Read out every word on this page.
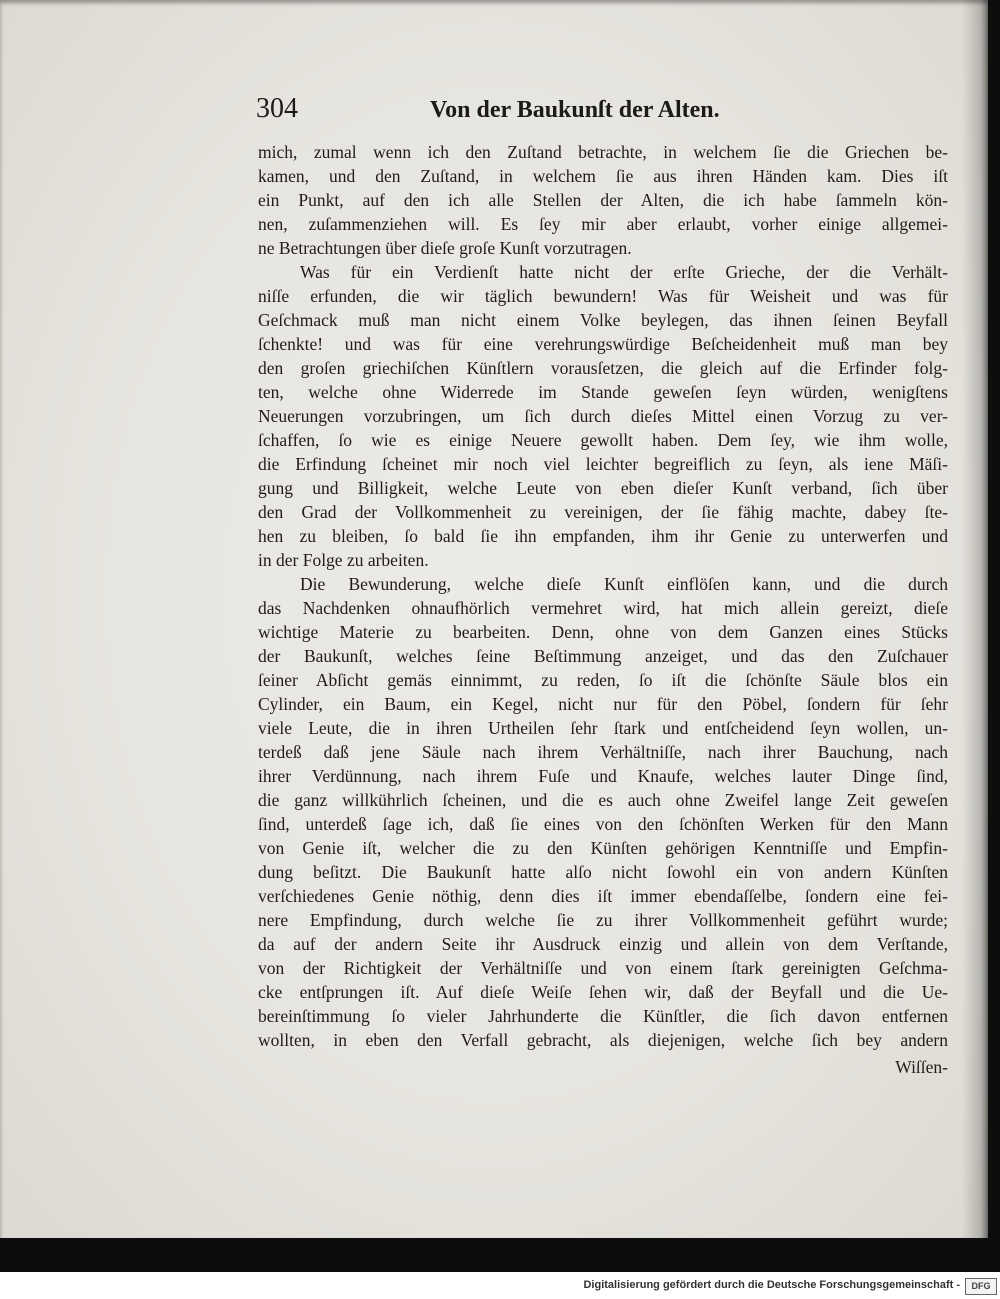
304	Von der Baukunſt der Alten.
mich, zumal wenn ich den Zuſtand betrachte, in welchem ſie die Griechen be-
kamen, und den Zuſtand, in welchem ſie aus ihren Händen kam. Dies iſt
ein Punkt, auf den ich alle Stellen der Alten, die ich habe ſammeln kön-
nen, zuſammenziehen will. Es ſey mir aber erlaubt, vorher einige allgemei-
ne Betrachtungen über dieſe groſe Kunſt vorzutragen.
Was für ein Verdienſt hatte nicht der erſte Grieche, der die Verhält-
niſſe erfunden, die wir täglich bewundern! Was für Weisheit und was für
Geſchmack muß man nicht einem Volke beylegen, das ihnen ſeinen Beyfall
ſchenkte! und was für eine verehrungswürdige Beſcheidenheit muß man bey
den groſen griechiſchen Künſtlern vorausſetzen, die gleich auf die Erfinder folg-
ten, welche ohne Widerrede im Stande geweſen ſeyn würden, wenigſtens
Neuerungen vorzubringen, um ſich durch dieſes Mittel einen Vorzug zu ver-
ſchaffen, ſo wie es einige Neuere gewollt haben. Dem ſey, wie ihm wolle,
die Erfindung ſcheinet mir noch viel leichter begreiflich zu ſeyn, als iene Mäſi-
gung und Billigkeit, welche Leute von eben dieſer Kunſt verband, ſich über
den Grad der Vollkommenheit zu vereinigen, der ſie fähig machte, dabey ſte-
hen zu bleiben, ſo bald ſie ihn empfanden, ihm ihr Genie zu unterwerfen und
in der Folge zu arbeiten.
Die Bewunderung, welche dieſe Kunſt einflöſen kann, und die durch
das Nachdenken ohnaufhörlich vermehret wird, hat mich allein gereizt, dieſe
wichtige Materie zu bearbeiten. Denn, ohne von dem Ganzen eines Stücks
der Baukunſt, welches ſeine Beſtimmung anzeiget, und das den Zuſchauer
ſeiner Abſicht gemäs einnimmt, zu reden, ſo iſt die ſchönſte Säule blos ein
Cylinder, ein Baum, ein Kegel, nicht nur für den Pöbel, ſondern für ſehr
viele Leute, die in ihren Urtheilen ſehr ſtark und entſcheidend ſeyn wollen, un-
terdeß daß jene Säule nach ihrem Verhältniſſe, nach ihrer Bauchung, nach
ihrer Verdünnung, nach ihrem Fuſe und Knaufe, welches lauter Dinge ſind,
die ganz willkührlich ſcheinen, und die es auch ohne Zweifel lange Zeit geweſen
ſind, unterdeß ſage ich, daß ſie eines von den ſchönſten Werken für den Mann
von Genie iſt, welcher die zu den Künſten gehörigen Kenntniſſe und Empfin-
dung beſitzt. Die Baukunſt hatte alſo nicht ſowohl ein von andern Künſten
verſchiedenes Genie nöthig, denn dies iſt immer ebendaſſelbe, ſondern eine fei-
nere Empfindung, durch welche ſie zu ihrer Vollkommenheit geführt wurde;
da auf der andern Seite ihr Ausdruck einzig und allein von dem Verſtande,
von der Richtigkeit der Verhältniſſe und von einem ſtark gereinigten Geſchma-
cke entſprungen iſt. Auf dieſe Weiſe ſehen wir, daß der Beyfall und die Ue-
bereinſtimmung ſo vieler Jahrhunderte die Künſtler, die ſich davon entfernen
wollten, in eben den Verfall gebracht, als diejenigen, welche ſich bey andern
Wiſſen-
Digitalisierung gefördert durch die Deutsche Forschungsgemeinschaft -	DFG
